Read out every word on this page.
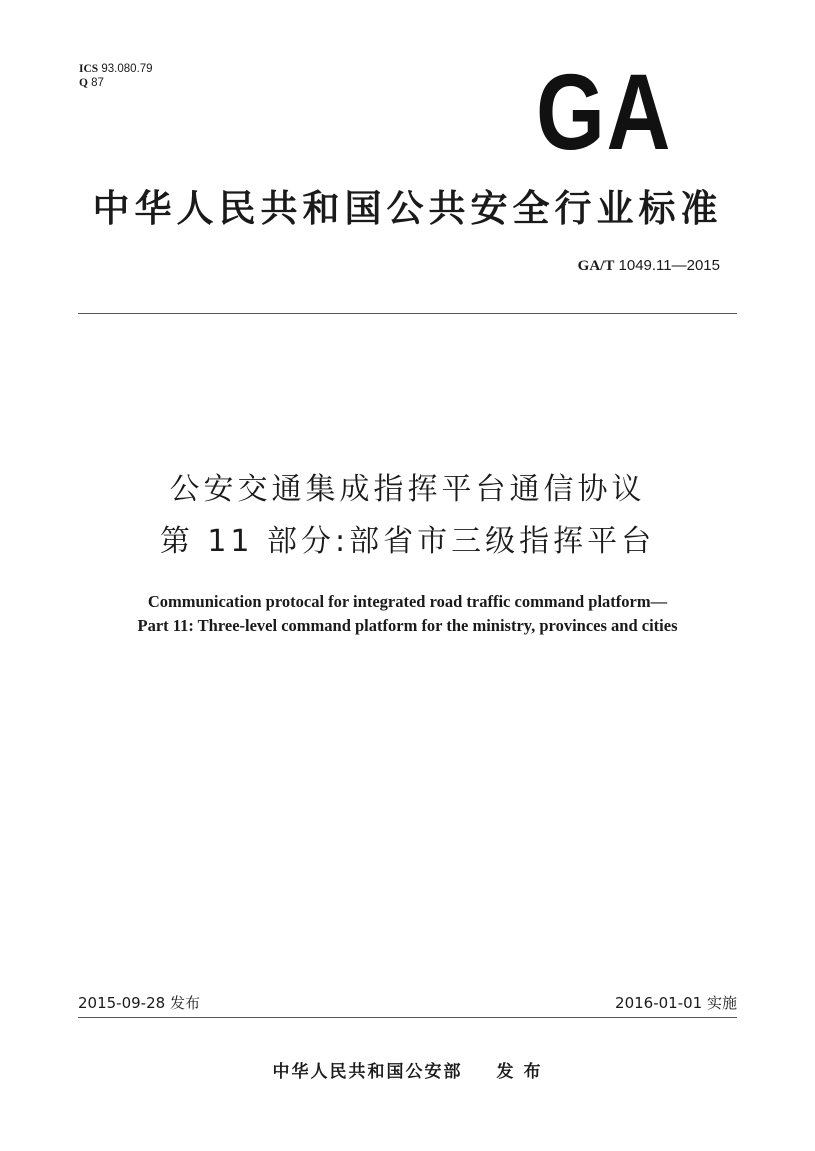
ICS 93.080.79
Q 87	GA
中华人民共和国公共安全行业标准
GA/T 1049.11—2015
公安交通集成指挥平台通信协议
第 11 部分:部省市三级指挥平台
Communication protocal for integrated road traffic command platform—
Part 11: Three-level command platform for the ministry, provinces and cities
2015-09-28 发布	2016-01-01 实施
中华人民共和国公安部 发 布
